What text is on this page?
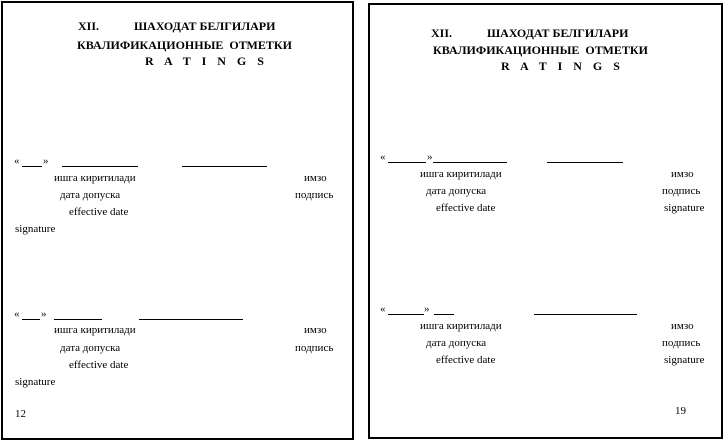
XII.	ШАХОДАТ БЕЛГИЛАРИ
КВАЛИФИКАЦИОННЫЕ  ОТМЕТКИ
R A T I N G S
« »
ишга киритилади	имзо
дата допуска	подпись
effective date
signature
« »
ишга киритилади	имзо
дата допуска	подпись
effective date
signature
12
XII.	ШАХОДАТ БЕЛГИЛАРИ
КВАЛИФИКАЦИОННЫЕ  ОТМЕТКИ
R A T I N G S
«	»
ишга киритилади	имзо
дата допуска	подпись
effective date	signature
«	»
ишга киритилади	имзо
дата допуска	подпись
effective date	signature
19
